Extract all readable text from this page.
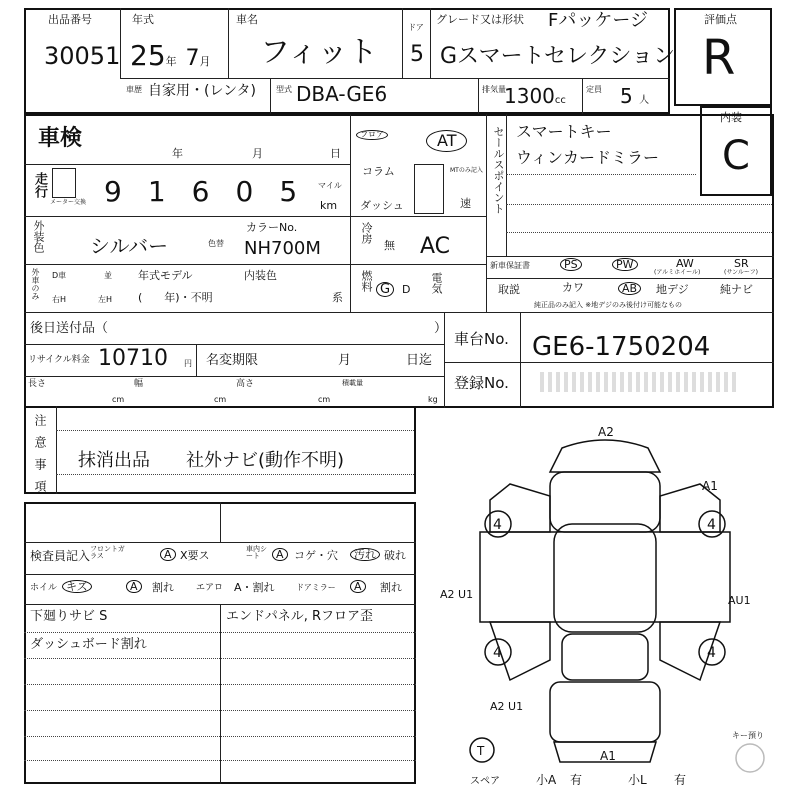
出品番号
30051
年式
25年 7月
車名
フィット
ドア
5
グレード又は形状 Fパッケージ
Gスマートセレクション
評価点
R
車歴 自家用・(レンタ) 型式 DBA-GE6	排気量
1300cc
定員 5 人
内装
C
車検
年	月	日
走行
メーター交換 91605
マイル
km
外装色 シルバー	色替
カラーNo.
NH700M
外車のみ D車	並
右H	左H
年式モデル
(　　年)・不明
内装色
系
フロア	AT
コラム
ダッシュ
MTのみ記入
速
冷房
無 AC
燃料 G	D 電気
セールスポイント スマートキー
ウィンカードミラー
新車保証書	PS	PW	AW
(アルミホイール)
SR
(サンルーフ)
取説	カワ	AB	地デジ	純ナビ
純正品のみ記入 ※地デジのみ後付け可能なもの
後日送付品（	）
リサイクル料金 10710 円 名変期限	月	日迄
長さ
cm
幅
cm
高さ
cm
積載量
kg
車台No. GE6-1750204
登録No.
注意事項 抹消出品　　社外ナビ(動作不明)
検査員記入 フロントガラス	A X要ス	車内シート	A コゲ・穴	汚れ 破れ
ホイル キズ	A	割れ エアロ A・割れ	ドアミラー	A	割れ
下廻りサビ S	エンドパネル, Rフロア歪
ダッシュボード割れ
4	4
4	4
A2
A1
A2 U1	AU1
A2 U1
A1
T
スペア	小A 有	小L 有
キー預り
